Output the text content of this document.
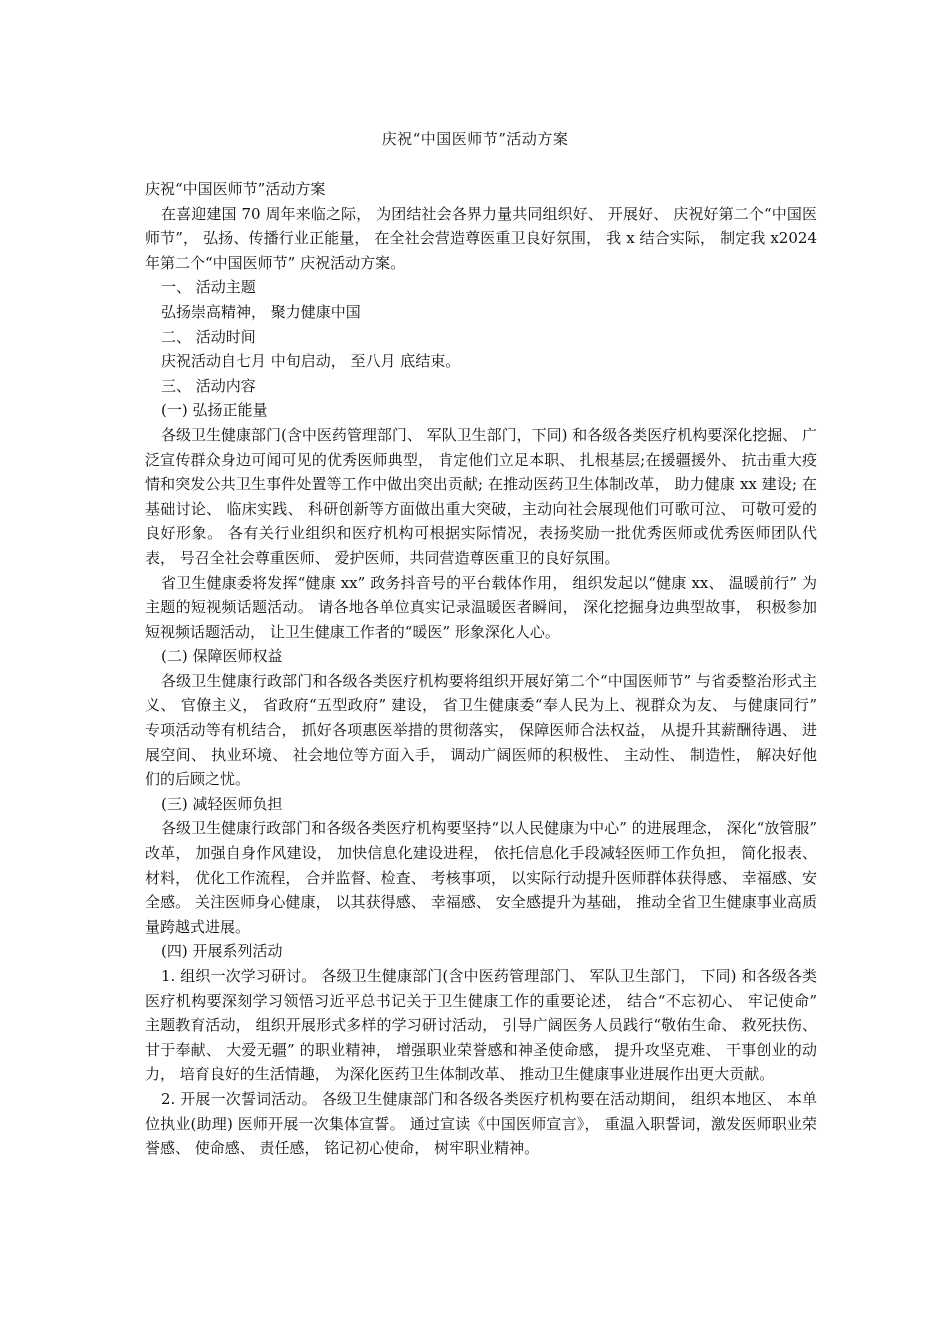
庆祝“中国医师节”活动方案

庆祝“中国医师节”活动方案

在喜迎建国 70 周年来临之际， 为团结社会各界力量共同组织好、 开展好、 庆祝好第二个“中国医师节”， 弘扬、传播行业正能量， 在全社会营造尊医重卫良好氛围， 我 x 结合实际， 制定我 x2024 年第二个“中国医师节” 庆祝活动方案。

一、 活动主题

弘扬崇高精神， 聚力健康中国

二、 活动时间

庆祝活动自七月 中旬启动， 至八月 底结束。

三、 活动内容

(一) 弘扬正能量

各级卫生健康部门(含中医药管理部门、 军队卫生部门，下同) 和各级各类医疗机构要深化挖掘、 广泛宣传群众身边可闻可见的优秀医师典型， 肯定他们立足本职、 扎根基层;在援疆援外、 抗击重大疫情和突发公共卫生事件处置等工作中做出突出贡献; 在推动医药卫生体制改革， 助力健康 xx 建设; 在基础讨论、 临床实践、 科研创新等方面做出重大突破，主动向社会展现他们可歌可泣、 可敬可爱的良好形象。 各有关行业组织和医疗机构可根据实际情况，表扬奖励一批优秀医师或优秀医师团队代表， 号召全社会尊重医师、 爱护医师，共同营造尊医重卫的良好氛围。

省卫生健康委将发挥“健康 xx” 政务抖音号的平台载体作用， 组织发起以“健康 xx、 温暖前行” 为主题的短视频话题活动。 请各地各单位真实记录温暖医者瞬间， 深化挖掘身边典型故事， 积极参加短视频话题活动， 让卫生健康工作者的“暖医” 形象深化人心。

(二) 保障医师权益

各级卫生健康行政部门和各级各类医疗机构要将组织开展好第二个“中国医师节” 与省委整治形式主义、 官僚主义， 省政府“五型政府” 建设， 省卫生健康委“奉人民为上、视群众为友、 与健康同行” 专项活动等有机结合， 抓好各项惠医举措的贯彻落实， 保障医师合法权益， 从提升其薪酬待遇、 进展空间、 执业环境、 社会地位等方面入手， 调动广阔医师的积极性、 主动性、 制造性， 解决好他们的后顾之忧。

(三) 减轻医师负担

各级卫生健康行政部门和各级各类医疗机构要坚持“以人民健康为中心” 的进展理念， 深化“放管服” 改革， 加强自身作风建设， 加快信息化建设进程， 依托信息化手段减轻医师工作负担， 简化报表、 材料， 优化工作流程， 合并监督、检查、 考核事项， 以实际行动提升医师群体获得感、 幸福感、安全感。 关注医师身心健康， 以其获得感、 幸福感、 安全感提升为基础， 推动全省卫生健康事业高质量跨越式进展。

(四) 开展系列活动

1. 组织一次学习研讨。 各级卫生健康部门(含中医药管理部门、 军队卫生部门， 下同) 和各级各类医疗机构要深刻学习领悟习近平总书记关于卫生健康工作的重要论述， 结合“不忘初心、 牢记使命” 主题教育活动， 组织开展形式多样的学习研讨活动， 引导广阔医务人员践行“敬佑生命、 救死扶伤、 甘于奉献、 大爱无疆” 的职业精神， 增强职业荣誉感和神圣使命感， 提升攻坚克难、 干事创业的动力， 培育良好的生活情趣， 为深化医药卫生体制改革、 推动卫生健康事业进展作出更大贡献。

2. 开展一次誓词活动。 各级卫生健康部门和各级各类医疗机构要在活动期间， 组织本地区、 本单位执业(助理) 医师开展一次集体宣誓。 通过宣读《中国医师宣言》， 重温入职誓词，激发医师职业荣誉感、 使命感、 责任感， 铭记初心使命， 树牢职业精神。
